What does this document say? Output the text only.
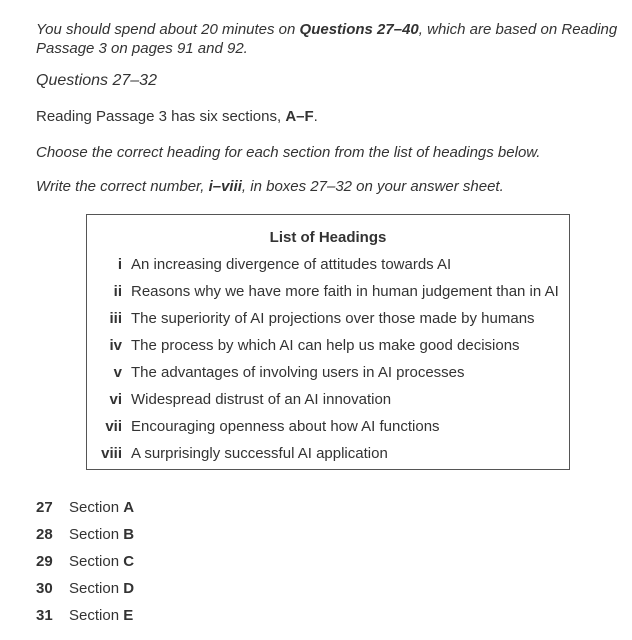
You should spend about 20 minutes on Questions 27–40, which are based on Reading Passage 3 on pages 91 and 92.
Questions 27–32
Reading Passage 3 has six sections, A–F.
Choose the correct heading for each section from the list of headings below.
Write the correct number, i–viii, in boxes 27–32 on your answer sheet.
List of Headings
i An increasing divergence of attitudes towards AI
ii Reasons why we have more faith in human judgement than in AI
iii The superiority of AI projections over those made by humans
iv The process by which AI can help us make good decisions
v The advantages of involving users in AI processes
vi Widespread distrust of an AI innovation
vii Encouraging openness about how AI functions
viii A surprisingly successful AI application
27 Section A
28 Section B
29 Section C
30 Section D
31 Section E
